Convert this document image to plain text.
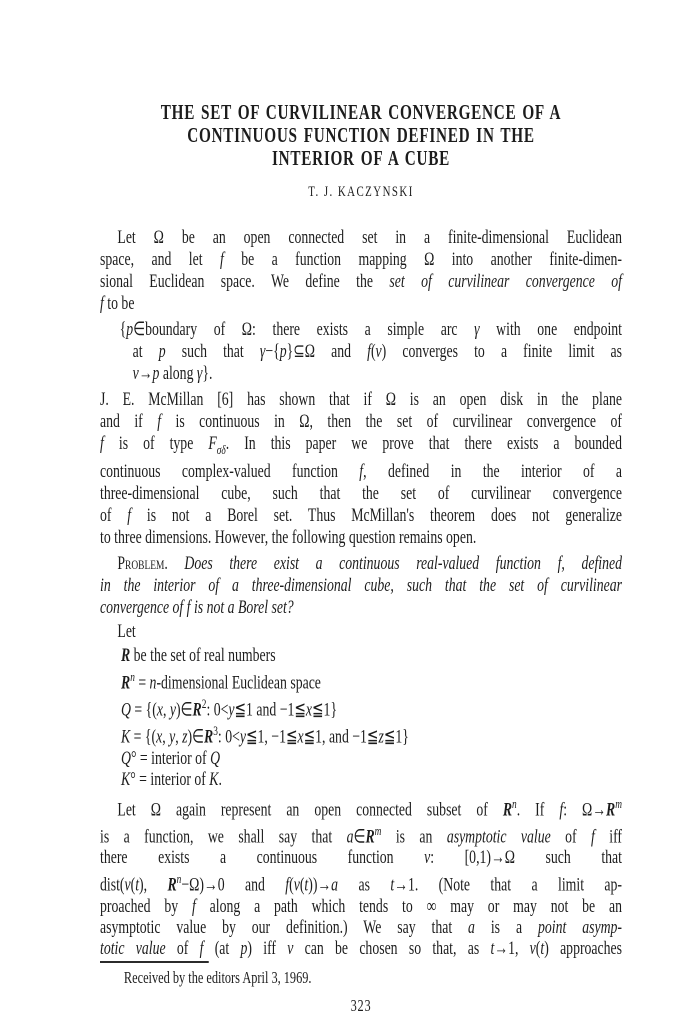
THE SET OF CURVILINEAR CONVERGENCE OF A
CONTINUOUS FUNCTION DEFINED IN THE
INTERIOR OF A CUBE
T. J. KACZYNSKI
Let Ω be an open connected set in a finite-dimensional Euclidean
space, and let f be a function mapping Ω into another finite-dimen-
sional Euclidean space. We define the set of curvilinear convergence of
f to be
{p∈boundary of Ω: there exists a simple arc γ with one endpoint
at p such that γ−{p}⊆Ω and f(v) converges to a finite limit as
v→p along γ}.
J. E. McMillan [6] has shown that if Ω is an open disk in the plane
and if f is continuous in Ω, then the set of curvilinear convergence of
f is of type $F_{\sigma\delta}$. In this paper we prove that there exists a bounded
continuous complex-valued function f, defined in the interior of a
three-dimensional cube, such that the set of curvilinear convergence
of f is not a Borel set. Thus McMillan's theorem does not generalize
to three dimensions. However, the following question remains open.
Problem. Does there exist a continuous real-valued function f, defined
in the interior of a three-dimensional cube, such that the set of curvilinear
convergence of f is not a Borel set?
Let
R be the set of real numbers
$R^n$ = n-dimensional Euclidean space
Q = {(x, $y)\in R^2$: 0<y≦1 and −1≦x≦1}
K = {(x, y, $z)\in R^3$: 0<y≦1, −1≦x≦1, and −1≦z≦1}
Q° = interior of Q
K° = interior of K.
Let Ω again represent an open connected subset of $R^n$. If f: $\Omega\to R^m$
is a function, we shall say that $a\in R^m$ is an asymptotic value of f iff
there exists a continuous function v: [0,1)→Ω such that
dist(v(t), $R^n-\Omega)\to 0$ and f(v(t))→a as t→1. (Note that a limit ap-
proached by f along a path which tends to ∞ may or may not be an
asymptotic value by our definition.) We say that a is a point asymp-
totic value of f (at p) iff v can be chosen so that, as t→1, v(t) approaches
Received by the editors April 3, 1969.
323
